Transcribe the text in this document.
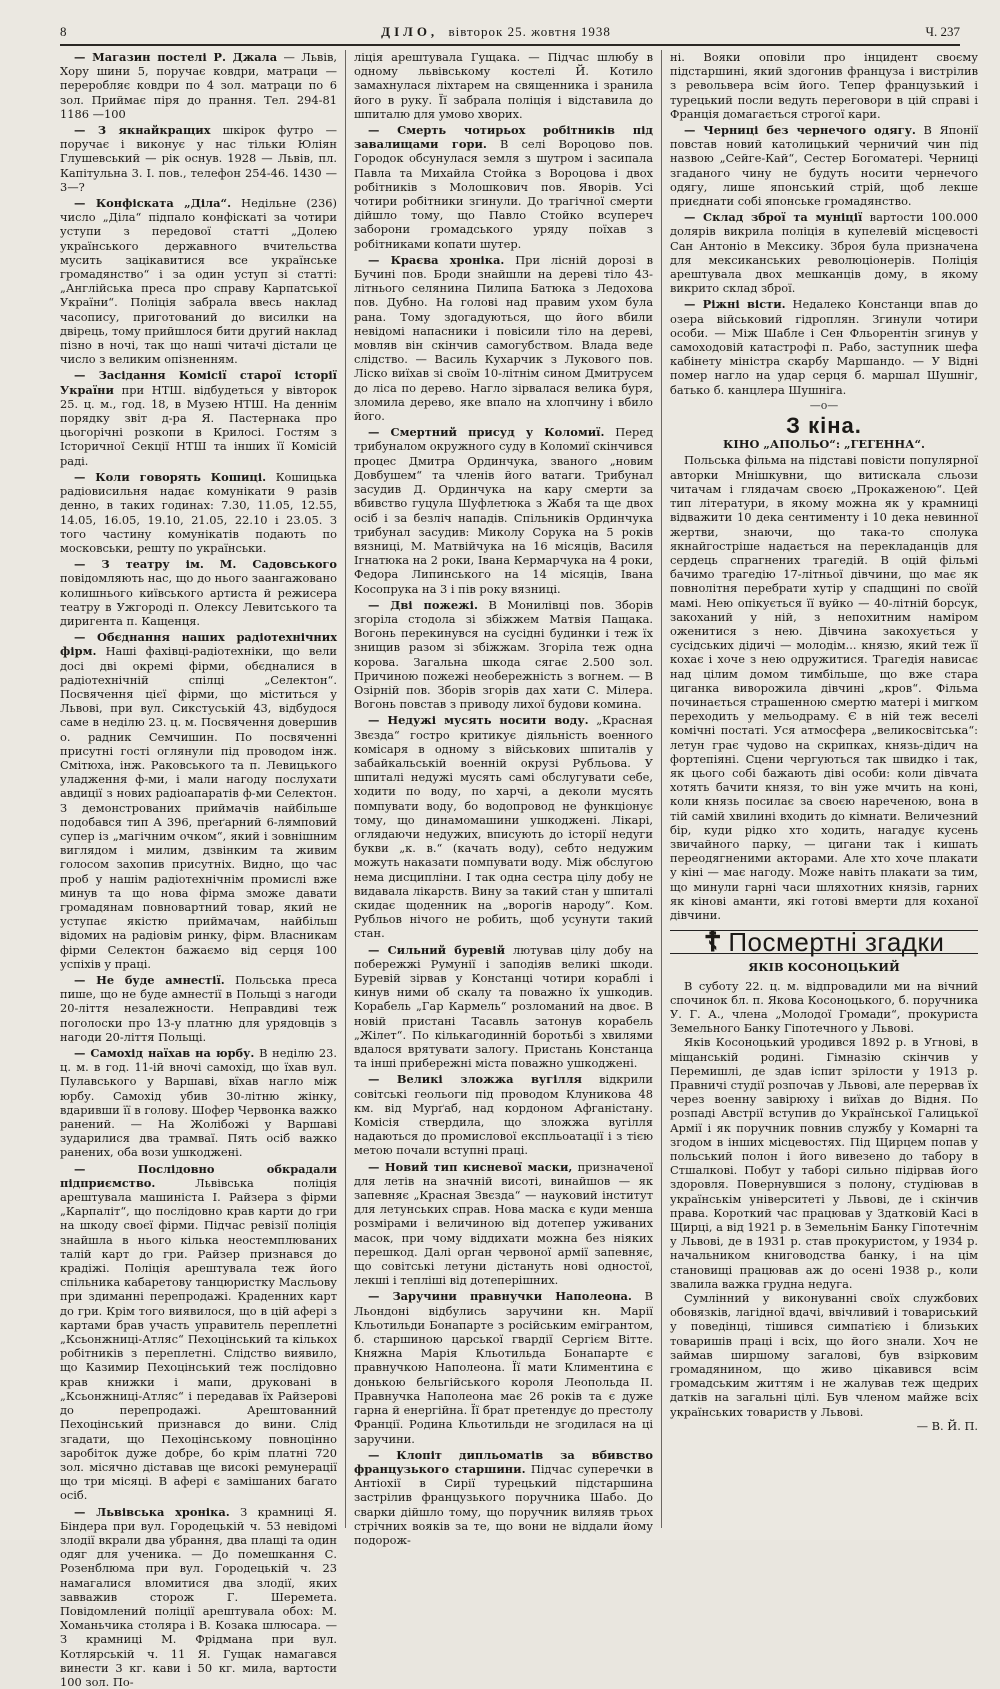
8	ДІЛО, вівторок 25. жовтня 1938	Ч. 237

— Магазин постелі Р. Джала — Львів, Хору шини 5, поручає ковдри, матраци — переробляє ковдри по 4 зол. матраци по 6 зол. Приймає піря до прання. Тел. 294-81 1186 —100

— З якнайкращих шкірок футро — поручає і виконує у нас тільки Юліян Глушевський — рік оснув. 1928 — Львів, пл. Капітульна 3. І. пов., телефон 254-46. 1430 —3—?

— Конфіската „Діла“. Недільне (236) число „Діла“ підпало конфіскаті за чотири уступи з передової статті „Долею українського державного вчительства мусить зацікавитися все українське громадянство“ і за один уступ зі статті: „Англійська преса про справу Карпатської України“. Поліція забрала ввесь наклад часопису, приготований до висилки на двірець, тому прийшлося бити другий наклад пізно в ночі, так що наші читачі дістали це число з великим опізненням.

— Засідання Комісії старої історії України при НТШ. відбудеться у вівторок 25. ц. м., год. 18, в Музею НТШ. На деннім порядку звіт д-ра Я. Пастернака про цьогорічні розкопи в Крилосі. Гостям з Історичної Секції НТШ та інших її Комісій раді.

— Коли говорять Кошиці. Кошицька радіовисильня надає комунікати 9 разів денно, в таких годинах: 7.30, 11.05, 12.55, 14.05, 16.05, 19.10, 21.05, 22.10 і 23.05. З того частину комунікатів подають по московськи, решту по українськи.

— З театру ім. М. Садовського повідомляють нас, що до нього заангажовано колишнього київського артиста й режисера театру в Ужгороді п. Олексу Левитського та диригента п. Кащенця.

— Обєднання наших радіотехнічних фірм. Наші фахівці-радіотехніки, що вели досі дві окремі фірми, обєдналися в радіотехнічній спілці „Селектон“. Посвячення цієї фірми, що міститься у Львові, при вул. Сикстуській 43, відбудося саме в неділю 23. ц. м. Посвячення довершив о. радник Семчишин. По посвяченні присутні гості оглянули під проводом інж. Смітюха, інж. Раковського та п. Левицького уладження ф-ми, і мали нагоду послухати авдиції з нових радіоапаратів ф-ми Селектон. З демонстрованих приймачів найбільше подобався тип А 396, преґарний 6-лямповий супер із „магічним очком“, який і зовнішним виглядом і милим, дзвінким та живим голосом захопив присутніх. Видно, що час проб у нашім радіотехнічнім промислі вже минув та що нова фірма зможе давати громадянам повновартний товар, який не уступає якістю приймачам, найбільш відомих на радіовім ринку, фірм. Власникам фірми Селектон бажаємо від серця 100 успіхів у праці.

— Не буде амнестії. Польська преса пише, що не буде амнестії в Польщі з нагоди 20-ліття незалежности. Неправдиві теж поголоски про 13-у платню для урядовців з нагоди 20-ліття Польщі.

— Самохід наїхав на юрбу. В неділю 23. ц. м. в год. 11-ій вночі самохід, що їхав вул. Пулавського у Варшаві, вїхав нагло між юрбу. Самохід убив 30-літню жінку, вдаривши її в голову. Шофер Червонка важко ранений. — На Жолібожі у Варшаві зударилися два трамваї. Пять осіб важко ранених, оба вози ушкоджені.

— Послідовно обкрадали підприємство.	Львівська поліція арештувала машиніста І. Райзера з фірми „Карпаліт“, що послідовно крав карти до гри на шкоду своєї фірми. Підчас ревізії поліція знайшла в нього кілька неостемплюваних талій карт до гри. Райзер признався до крадіжі. Поліція арештувала теж його спільника кабаретову танцюристку Масльову при здиманні перепродажі. Краденних карт до гри. Крім того виявилося, що в цій афері з картами брав участь управитель переплетні „Ксьонжниці-Атляс“ Пехоцінський та кількох робітників з переплетні. Слідство виявило, що Казимир Пехоцінський теж послідовно крав книжки і мапи, друковані в „Ксьонжниці-Атляс“ і передавав їх Райзерові до перепродажі. Арештованний Пехоцінський признався до вини. Слід згадати, що Пехоцінському повноцінно заробіток дуже добре, бо крім платні 720 зол. місячно діставав ще високі ремунерації що три місяці. В афері є замішаних багато осіб.

— Львівська хроніка. З крамниці Я. Біндера при вул. Городецькій ч. 53 невідомі злодії вкрали два убрання, два плащі та один одяг для ученика. — До помешкання С. Розенблюма при вул. Городецькій ч. 23 намагалися вломитися два злодії, яких завважив сторож Г. Шеремета. Повідомлений поліції арештувала обох: М. Хоманьчика столяра і В. Козака шлюсара. — З крамниці М. Фрідмана при вул. Котлярській ч. 11 Я. Гущак намагався винести 3 кг. кави і 50 кг. мила, вартости 100 зол. По-

ліція арештувала Гущака. — Підчас шлюбу в одному львівському костелі Й. Котило замахнулася ліхтарем на священника і зранила його в руку. Її забрала поліція і відставила до шпиталю для умово хворих.

— Смерть чотирьох робітників під завалищами гори. В селі Вороцово пов. Городок обсунулася земля з шутром і засипала Павла та Михайла Стойка з Вороцова і двох робітників з Молошкович пов. Яворів. Усі чотири робітники згинули. До трагічної смерти дійшло тому, що Павло Стойко всупереч заборони громадського уряду поїхав з робітниками копати шутер.

— Краєва хроніка. При лісній дорозі в Бучині пов. Броди знайшли на дереві тіло 43-літнього селянина Пилипа Батюка з Ледохова пов. Дубно. На голові над правим ухом була рана. Тому здогадуються, що його вбили невідомі напасники і повісили тіло на дереві, мовляв він скінчив самогубством. Влада веде слідство. — Василь Кухарчик з Лукового пов. Ліско виїхав зі своїм 10-літнім сином Дмитрусем до ліса по дерево. Нагло зірвалася велика буря, зломила дерево, яке впало на хлопчину і вбило його.

— Смертний присуд у Коломиї. Перед трибуналом окружного суду в Коломиї скінчився процес Дмитра Ординчука, званого „новим Довбушем“ та членів його ватаги. Трибунал засудив Д. Ординчука на кару смерти за вбивство гуцула Шуфлетюка з Жабя та ще двох осіб і за безліч нападів. Спільників Ординчука трибунал засудив: Миколу Сорука на 5 років вязниці, М. Матвійчука на 16 місяців, Василя Ігнатюка на 2 роки, Івана Кермарчука на 4 роки, Федора Липинського на 14 місяців, Івана Косопрука на 3 і пів року вязниці.

— Дві пожежі. В Монилівці пов. Зборів згоріла стодола зі збіжжем Матвія Пащака. Вогонь перекинувся на сусідні будинки і теж їх знищив разом зі збіжжам. Згоріла теж одна корова. Загальна шкода сягає 2.500 зол. Причиною пожежі необережність з вогнем. — В Озірній пов. Зборів згорів дах хати С. Мілера. Вогонь повстав з приводу лихої будови комина.

— Недужі мусять носити воду. „Красная Звєзда“ гостро критикує діяльність военного комісаря в одному з військових шпиталів у забайкальській военній окрузі Рубльова. У шпиталі недужі мусять самі обслугувати себе, ходити по воду, по харчі, а деколи мусять помпувати воду, бо водопровод не функціонує тому, що динамомашини ушкоджені. Лікарі, оглядаючи недужих, вписують до історії недуги букви „к. в.“ (качать воду), себто недужим можуть наказати помпувати воду. Між обслугою нема дисципліни. І так одна сестра цілу добу не видавала лікарств. Вину за такий стан у шпиталі скидає щоденник на „ворогів народу“. Ком. Рубльов нічого не робить, щоб усунути такий стан.

— Сильний буревій лютував цілу добу на побережжі Румунії і заподіяв великі шкоди. Буревій зірвав у Констанці чотири кораблі і кинув ними об скалу та поважно їх ушкодив. Корабель „Гар Кармель“ розломаний на двоє. В новій пристані Тасавль затонув корабель „Жілет“. По кількагодинній боротьбі з хвилями вдалося врятувати залогу. Пристань Констанца та інші прибережні міста поважно ушкоджені.

— Великі зложжа вугілля відкрили совітські геольоги під проводом Клуникова 48 км. від Мурґаб, над кордоном Афганістану. Комісія ствердила, що зложжа вугілля надаються до промислової експльоатації і з тією метою почали вступні праці.

— Новий тип кисневої маски, призначеної для летів на значній висоті, винайшов — як запевняє „Красная Звєзда“ — науковий інститут для летунських справ. Нова маска є куди менша розмірами і величиною від дотепер уживаних масок, при чому віддихати можна без ніяких перешкод. Далі орган червоної армії запевняє, що совітські летуни дістануть нові одностої, лекші і тепліші від дотеперішних.

— Заручини правнучки Наполеона. В Льондоні відбулись заручини кн. Марії Кльотильди Бонапарте з російським емігрантом, б. старшиною царської гвардії Сергієм Вітте. Княжна Марія Кльотильда Бонапарте є правнучкою Наполеона. Її мати Климентина є донькою бельгійського короля Леопольда ІІ. Правнучка Наполеона має 26 років та є дуже гарна й енергійна. Її брат претендує до престолу Франції. Родина Кльотильди не згодилася на ці заручини.

— Клопіт дипльоматів за вбивство французького старшини. Підчас суперечки в Антіохії в Сирії турецький підстаршина застрілив французького поручника Шабо. До сварки дійшло тому, що поручник виляяв трьох стрічних вояків за те, що вони не віддали йому подорож-

ні. Вояки оповіли про інцидент своєму підстаршині, який здогонив француза і вистрілив з револьвера всім його. Тепер французький і турецький посли ведуть переговори в цій справі і Франція домагається строгої кари.

— Черниці без чернечого одягу. В Японії повстав новий католицький черничий чин під назвою „Сейге-Кай“, Сестер Богоматері. Черниці згаданого чину не будуть носити чернечого одягу, лише японський стрій, щоб лекше приєднати собі японське громадянство.

— Склад зброї та муніції вартости 100.000 долярів викрила поліція в купелевій місцевості Сан Антоніо в Мексику. Зброя була призначена для мексиканських революціонерів. Поліція арештувала двох мешканців дому, в якому викрито склад зброї.

— Ріжні вісти. Недалеко Констанци впав до озера військовий гідроплян. Згинули чотири особи. — Між Шабле і Сен Фльорентін згинув у самоходовій катастрофі п. Рабо, заступник шефа кабінету міністра скарбу Маршандо. — У Відні помер нагло на удар серця б. маршал Шушніг, батько б. канцлера Шушніга.

—о—
З кіна.
КІНО „АПОЛЬО“: „ГЕГЕННА“.

Польська фільма на підставі повісти популярної авторки Мнішкувни, що витискала сльози читачам і глядачам своєю „Прокаженою“. Цей тип літератури, в якому можна як у крамниці відважити 10 дека сентименту і 10 дека невинної жертви, знаючи, що така-то сполука якнайгостріше надається на перекладанців для сердець спрагнених трагедій. В оцій фільмі бачимо трагедію 17-літньої дівчини, що має як повнолітня перебрати хутір у спадщині по своїй мамі. Нею опікується її вуйко — 40-літній борсук, закоханий у ній, з непохитним наміром оженитися з нею. Дівчина закохується у сусідських дідичі — молодім... князю, який теж її кохає і хоче з нею одружитися. Трагедія нависає над цілим домом тимбільше, що вже стара циганка виворожила дівчині „кров“. Фільма починається страшенною смертю матері і мигком переходить у мельодраму. Є в ній теж веселі комічні постаті. Уся атмосфера „великосвітська“: летун грає чудово на скрипках, князь-дідич на фортепіяні. Сцени чергуються так швидко і так, як цього собі бажають діві особи: коли дівчата хотять бачити князя, то він уже мчить на коні, коли князь посилає за своєю нареченою, вона в тій самій хвилині входить до кімнати. Величезний бір, куди рідко хто ходить, нагадує кусень звичайного парку, — цигани так і кишать переодягненими акторами. Але хто хоче плакати у кіні — має нагоду. Може навіть плакати за тим, що минули гарні часи шляхотних князів, гарних як кінові аманти, які готові вмерти для коханої дівчини.

☦ Посмертні згадки
ЯКІВ КОСОНОЦЬКИЙ

В суботу 22. ц. м. відпровадили ми на вічний спочинок бл. п. Якова Косоноцького, б. поручника У. Г. А., члена „Молодої Громади“, прокуриста Земельного Банку Гіпотечного у Львові.

Яків Косоноцький уродився 1892 р. в Угнові, в міщанській родині. Гімназію скінчив у Перемишлі, де здав іспит зрілости у 1913 р. Правничі студії розпочав у Львові, але перервав їх через военну завірюху і виїхав до Відня. По розпаді Австрії вступив до Української Галицької Армії і як поручник повнив службу у Комарні та згодом в інших місцевостях. Під Щирцем попав у польський полон і його вивезено до табору в Стшалкові. Побут у таборі сильно підірвав його здоровля. Повернувшися з полону, студіював в українськім університеті у Львові, де і скінчив права. Короткий час працював у Здатковій Касі в Щирці, а від 1921 р. в Земельнім Банку Гіпотечнім у Львові, де в 1931 р. став прокуристом, у 1934 р. начальником книговодства банку, і на цім становищі працював аж до осені 1938 р., коли звалила важка грудна недуга.

Сумлінний у виконуванні своїх службових обовязків, лагідної вдачі, ввічливий і товариський у поведінці, тішився симпатією і близьких товаришів праці і всіх, що його знали. Хоч не займав ширшому загалові, був взірковим громадянином, що живо цікавився всім громадським життям і не жалував теж щедрих датків на загальні цілі. Був членом майже всіх українських товариств у Львові.

— В. Й. П.
